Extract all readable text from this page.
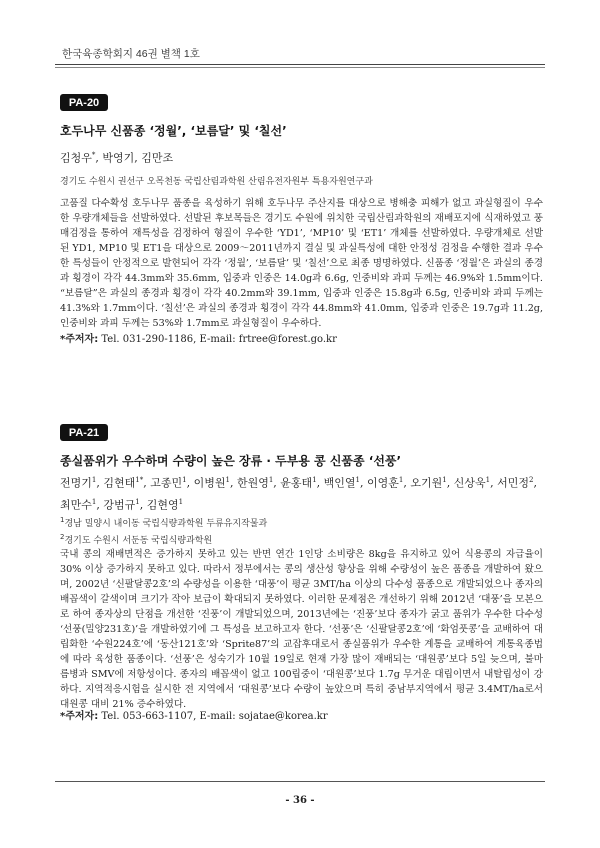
한국육종학회지 46권 별책 1호
PA-20
호두나무 신품종 ‘정월’, ‘보름달’ 및 ‘칠선’
김청우*, 박영기, 김만조
경기도 수원시 권선구 오목천동 국립산림과학원 산림유전자원부 특용자원연구과
고품질 다수확성 호두나무 품종을 육성하기 위해 호두나무 주산지를 대상으로 병해충 피해가 없고 과실형질이 우수한 우량개체들을 선발하였다. 선발된 후보목들은 경기도 수원에 위치한 국립산림과학원의 재배포지에 식재하였고 풍매검정을 통하여 재특성을 검정하여 형질이 우수한 ‘YD1’, ‘MP10’ 및 ‘ET1’ 개체를 선발하였다. 우량개체로 선발된 YD1, MP10 및 ET1을 대상으로 2009～2011년까지 결실 및 과실특성에 대한 안정성 검정을 수행한 결과 우수한 특성들이 안정적으로 발현되어 각각 ‘정월’, ‘보름달’ 및 ‘칠선’으로 최종 명명하였다. 신품종 ‘정월’은 과실의 종경과 횡경이 각각 44.3mm와 35.6mm, 입중과 인중은 14.0g과 6.6g, 인중비와 과피 두께는 46.9%와 1.5mm이다. “보름달”은 과실의 종경과 횡경이 각각 40.2mm와 39.1mm, 입중과 인중은 15.8g과 6.5g, 인중비와 과피 두께는 41.3%와 1.7mm이다. ‘칠선’은 과실의 종경과 횡경이 각각 44.8mm와 41.0mm, 입중과 인중은 19.7g과 11.2g, 인중비와 과피 두께는 53%와 1.7mm로 과실형질이 우수하다.
*주저자: Tel. 031-290-1186, E-mail: frtree@forest.go.kr
PA-21
종실품위가 우수하며 수량이 높은 장류 · 두부용 콩 신품종 ‘선풍’
전명기$^1$, 김현태$^{1*}$, 고종민$^1$, 이병원$^1$, 한원영$^1$, 윤홍태$^1$, 백인열$^1$, 이영훈$^1$, 오기원$^1$, 신상욱$^1$, 서민정$^2$, 최만수$^1$, 강범규$^1$, 김현영$^1$
$^1$경남 밀양시 내이동 국립식량과학원 두류유지작물과
$^2$경기도 수원시 서둔동 국립식량과학원
국내 콩의 재배면적은 증가하지 못하고 있는 반면 연간 1인당 소비량은 8kg을 유지하고 있어 식용콩의 자급율이 30% 이상 증가하지 못하고 있다. 따라서 정부에서는 콩의 생산성 향상을 위해 수량성이 높은 품종을 개발하여 왔으며, 2002년 ‘신팔달콩2호’의 수량성을 이용한 ‘대풍’이 평균 3MT/ha 이상의 다수성 품종으로 개발되었으나 종자의 배꼽색이 갈색이며 크기가 작아 보급이 확대되지 못하였다. 이러한 문제점은 개선하기 위해 2012년 ‘대풍’을 모본으로 하여 종자상의 단점을 개선한 ‘진풍’이 개발되었으며, 2013년에는 ‘진풍’보다 종자가 굵고 품위가 우수한 다수성 ‘선풍(밀양231호)’을 개발하였기에 그 특성을 보고하고자 한다. ‘선풍’은 ‘신팔달콩2호’에 ‘화엄풋콩’을 교배하여 대립화한 ‘수원224호’에 ‘동산121호’와 ‘Sprite87’의 교잡후대로서 종실품위가 우수한 계통을 교배하여 계통육종법에 따라 육성한 품종이다. ‘선풍’은 성숙기가 10월 19일로 현재 가장 많이 재배되는 ‘대원콩’보다 5일 늦으며, 불마름병과 SMV에 저항성이다. 종자의 배꼽색이 없고 100립중이 ‘대원콩’보다 1.7g 무거운 대립이면서 내탈립성이 강하다. 지역적응시험을 실시한 전 지역에서 ‘대원콩’보다 수량이 높았으며 특히 중남부지역에서 평균 3.4MT/ha로서 대원콩 대비 21% 증수하였다.
*주저자: Tel. 053-663-1107, E-mail: sojatae@korea.kr
- 36 -
